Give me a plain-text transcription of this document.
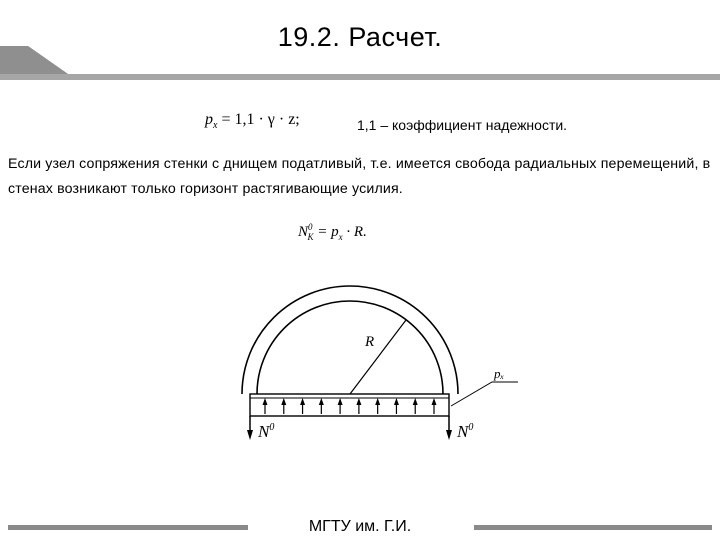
19.2. Расчет.
$p_x = 1,1 \cdot \gamma \cdot z$;	1,1 – коэффициент надежности.
Если узел сопряжения стенки с днищем податливый, т.е. имеется свобода радиальных перемещений, в стенах возникают только горизонт растягивающие усилия.
$N^0_K = p_x \cdot R$.
R
pₓ
$N^0$	$N^0$
МГТУ им. Г.И.
